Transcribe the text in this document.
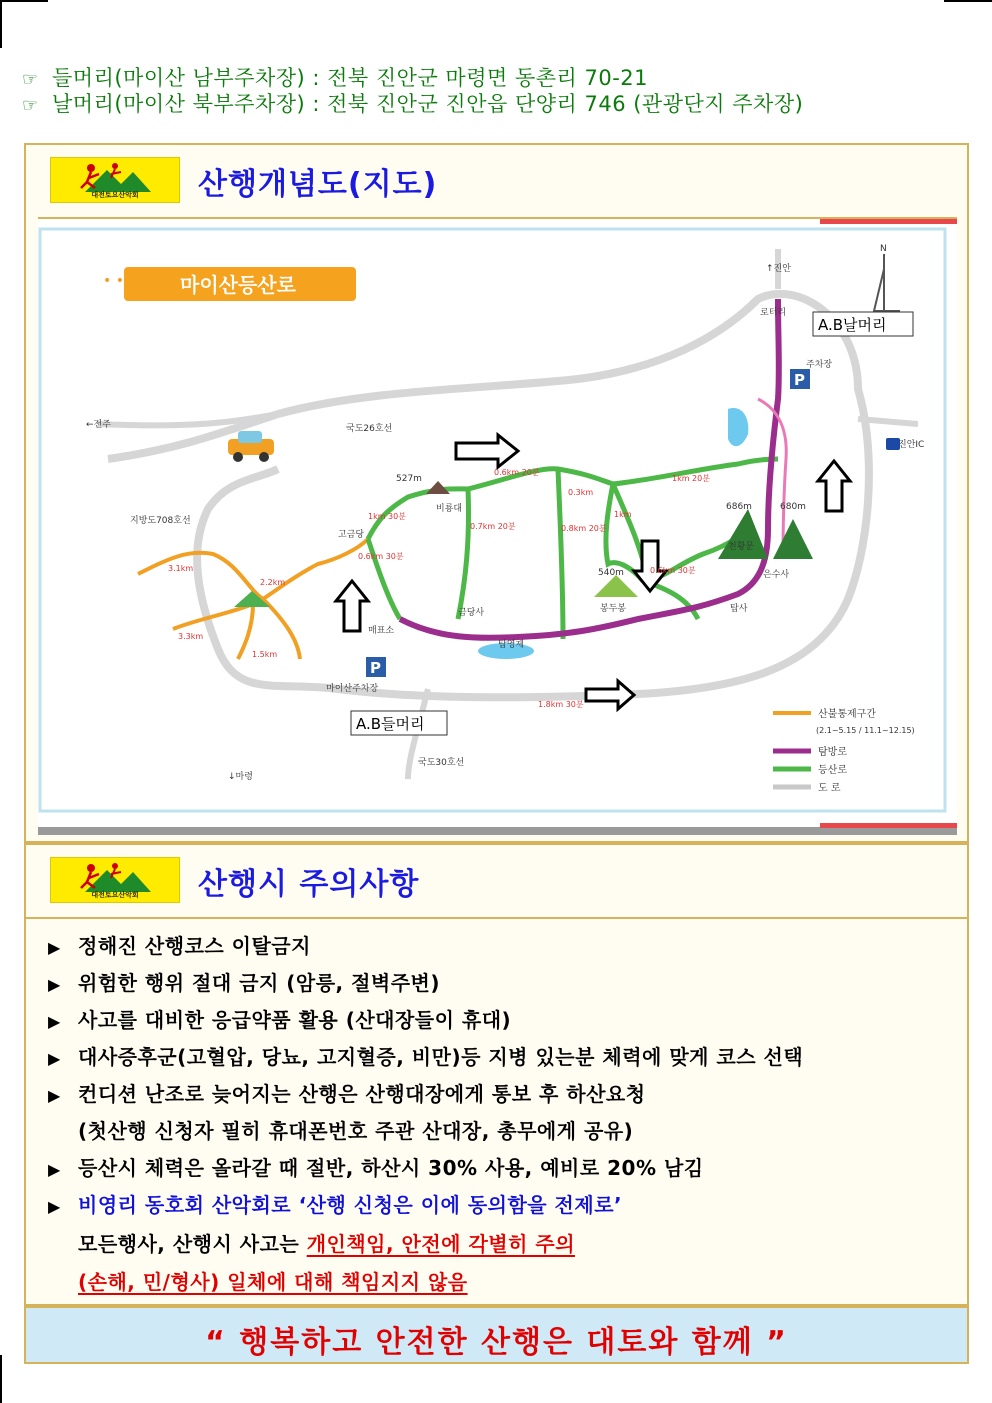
☞ 들머리(마이산 남부주차장) : 전북 진안군 마령면 동촌리 70-21
☞ 날머리(마이산 북부주차장) : 전북 진안군 진안읍 단양리 746 (관광단지 주차장)
대전토요산악회	산행개념도(지도)
P
P
N
• •	마이산등산로
A.B들머리
A.B날머리
↑진안
←전주
↓마령
진안IC
로터리
국도26호선
국도30호선
지방도708호선
527m
540m
686m	680m
탑사
금당사
탑영제
은수사
봉두봉
고금당
비룡대
천황문
마이산주차장
주차장
매표소
1km 30분
0.6km 20분
0.3km
1km 20분
0.7km 20분	0.8km 20분
1km
0.6km 30분
1.8km 30분
0.6km 30분
3.1km
2.2km
3.3km
1.5km
산불통제구간
(2.1~5.15 / 11.1~12.15)
탐방로
등산로
도 로
대전토요산악회	산행시 주의사항
▶ 정해진 산행코스 이탈금지
▶ 위험한 행위 절대 금지 (암릉, 절벽주변)
▶ 사고를 대비한 응급약품 활용 (산대장들이 휴대)
▶ 대사증후군(고혈압, 당뇨, 고지혈증, 비만)등 지병 있는분 체력에 맞게 코스 선택
▶ 컨디션 난조로 늦어지는 산행은 산행대장에게 통보 후 하산요청
(첫산행 신청자 필히 휴대폰번호 주관 산대장, 총무에게 공유)
▶ 등산시 체력은 올라갈 때 절반, 하산시 30% 사용, 예비로 20% 남김
▶ 비영리 동호회 산악회로 ‘산행 신청은 이에 동의함을 전제로’
모든행사, 산행시 사고는 개인책임, 안전에 각별히 주의
(손해, 민/형사) 일체에 대해 책임지지 않음
“ 행복하고 안전한 산행은 대토와 함께 ”
